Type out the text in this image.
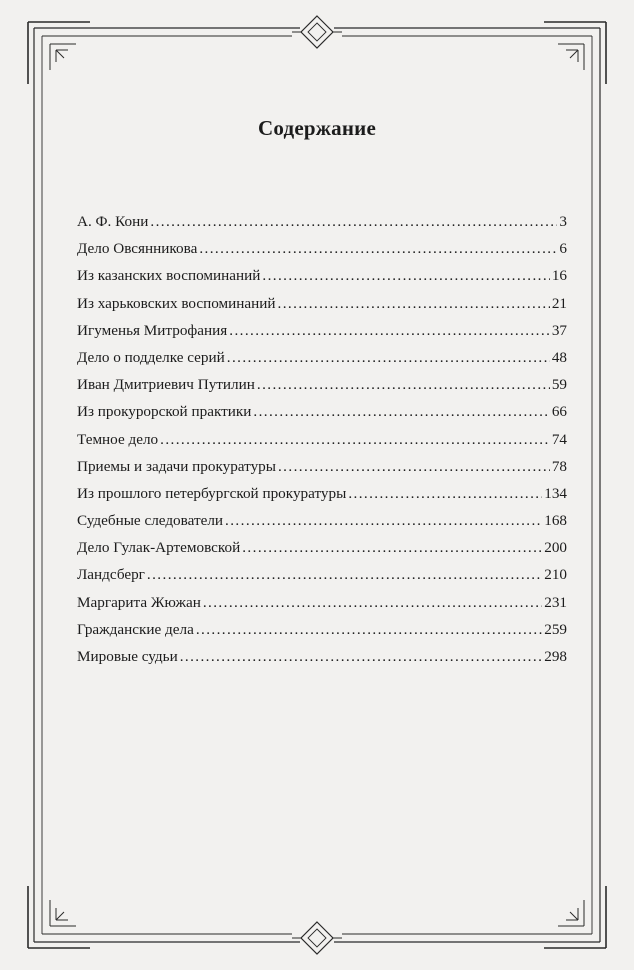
Содержание
А. Ф. Кони . . .	3
Дело Овсянникова . . .	6
Из казанских воспоминаний . . .	16
Из харьковских воспоминаний . . .	21
Игуменья Митрофания . . .	37
Дело о подделке серий . . .	48
Иван Дмитриевич Путилин . . .	59
Из прокурорской практики . . .	66
Темное дело . . .	74
Приемы и задачи прокуратуры . . .	78
Из прошлого петербургской прокуратуры . . .	134
Судебные следователи . . .	168
Дело Гулак-Артемовской . . .	200
Ландсберг . . .	210
Маргарита Жюжан . . .	231
Гражданские дела . . .	259
Мировые судьи . . .	298
